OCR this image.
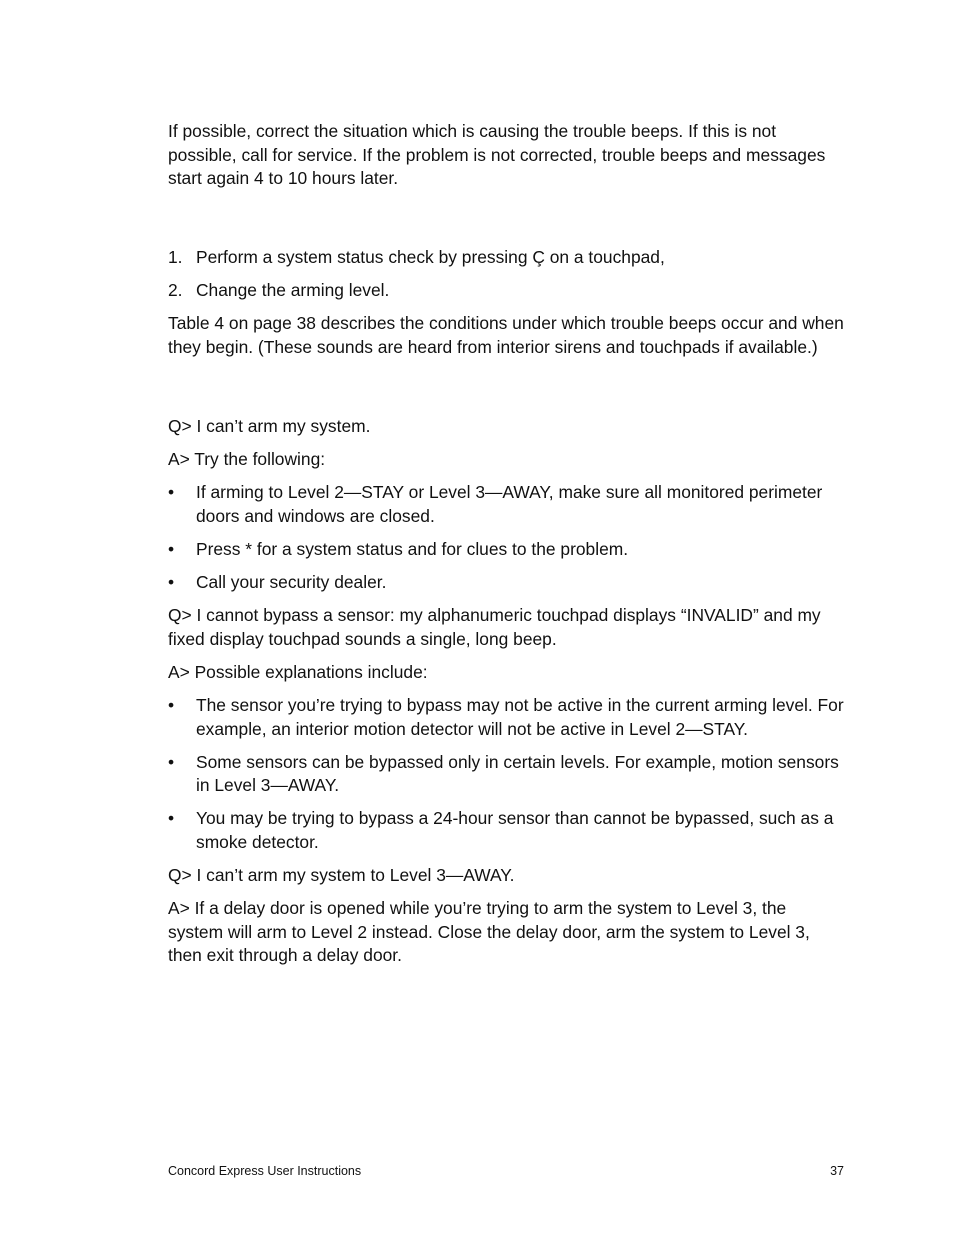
If possible, correct the situation which is causing the trouble beeps. If this is not possible, call for service. If the problem is not corrected, trouble beeps and messages start again 4 to 10 hours later.

1. Perform a system status check by pressing Ç on a touchpad,
2. Change the arming level.

Table 4 on page 38 describes the conditions under which trouble beeps occur and when they begin. (These sounds are heard from interior sirens and touchpads if available.)

Q> I can’t arm my system.

A> Try the following:

• If arming to Level 2—STAY or Level 3—AWAY, make sure all monitored perimeter doors and windows are closed.
• Press * for a system status and for clues to the problem.
• Call your security dealer.

Q> I cannot bypass a sensor: my alphanumeric touchpad displays “INVALID” and my fixed display touchpad sounds a single, long beep.

A> Possible explanations include:

• The sensor you’re trying to bypass may not be active in the current arming level. For example, an interior motion detector will not be active in Level 2—STAY.
• Some sensors can be bypassed only in certain levels. For example, motion sensors in Level 3—AWAY.
• You may be trying to bypass a 24-hour sensor than cannot be bypassed, such as a smoke detector.

Q> I can’t arm my system to Level 3—AWAY.

A> If a delay door is opened while you’re trying to arm the system to Level 3, the system will arm to Level 2 instead. Close the delay door, arm the system to Level 3, then exit through a delay door.

Concord Express User Instructions	37
